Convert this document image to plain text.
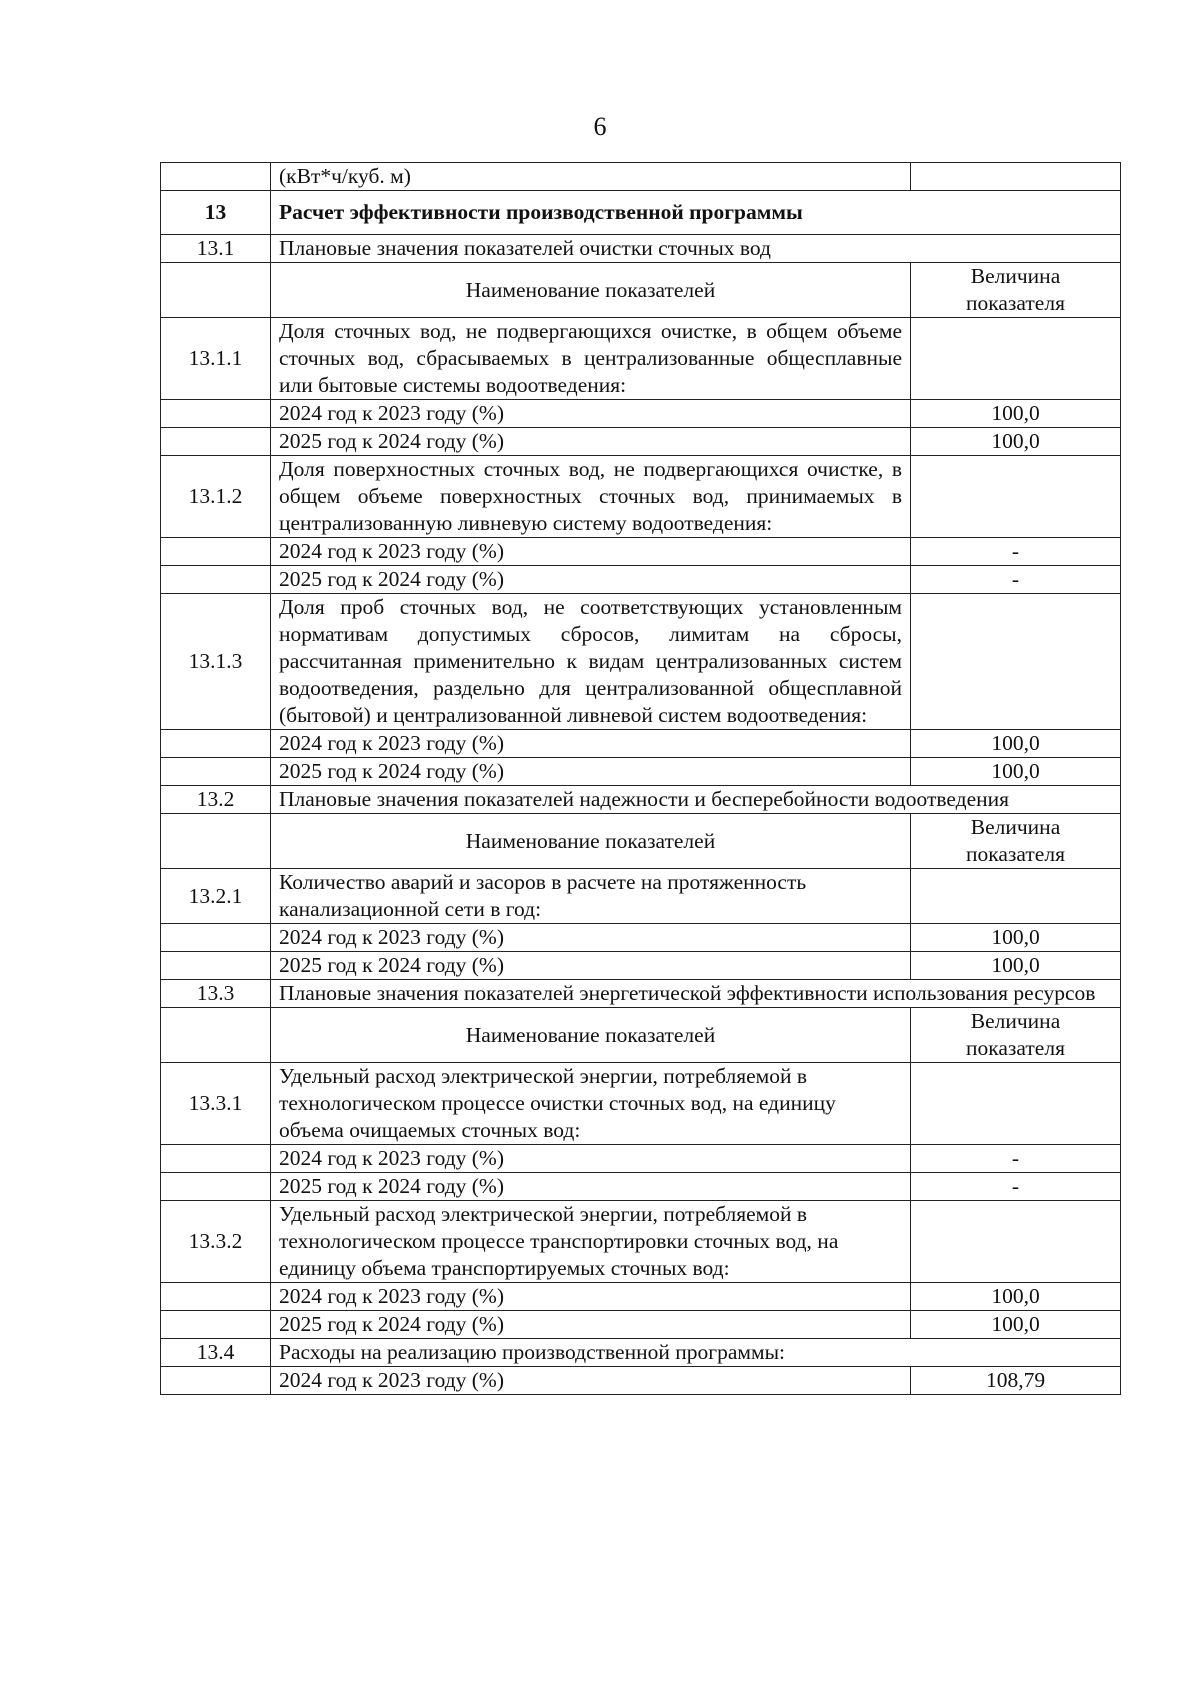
6
	(кВт*ч/куб. м)	
13	Расчет эффективности производственной программы	
13.1	Плановые значения показателей очистки сточных вод	
	Наименование показателей	Величина показателя
13.1.1	Доля сточных вод, не подвергающихся очистке, в общем объеме сточных вод, сбрасываемых в централизованные общесплавные или бытовые системы водоотведения:	
	2024 год к 2023 году (%)	100,0
	2025 год к 2024 году (%)	100,0
13.1.2	Доля поверхностных сточных вод, не подвергающихся очистке, в общем объеме поверхностных сточных вод, принимаемых в централизованную ливневую систему водоотведения:	
	2024 год к 2023 году (%)	-
	2025 год к 2024 году (%)	-
13.1.3	Доля проб сточных вод, не соответствующих установленным нормативам допустимых сбросов, лимитам на сбросы, рассчитанная применительно к видам централизованных систем водоотведения, раздельно для централизованной общесплавной (бытовой) и централизованной ливневой систем водоотведения:	
	2024 год к 2023 году (%)	100,0
	2025 год к 2024 году (%)	100,0
13.2	Плановые значения показателей надежности и бесперебойности водоотведения	
	Наименование показателей	Величина показателя
13.2.1	Количество аварий и засоров в расчете на протяженность канализационной сети в год:	
	2024 год к 2023 году (%)	100,0
	2025 год к 2024 году (%)	100,0
13.3	Плановые значения показателей энергетической эффективности использования ресурсов	
	Наименование показателей	Величина показателя
13.3.1	Удельный расход электрической энергии, потребляемой в технологическом процессе очистки сточных вод, на единицу объема очищаемых сточных вод:	
	2024 год к 2023 году (%)	-
	2025 год к 2024 году (%)	-
13.3.2	Удельный расход электрической энергии, потребляемой в технологическом процессе транспортировки сточных вод, на единицу объема транспортируемых сточных вод:	
	2024 год к 2023 году (%)	100,0
	2025 год к 2024 году (%)	100,0
13.4	Расходы на реализацию производственной программы:	
	2024 год к 2023 году (%)	108,79
